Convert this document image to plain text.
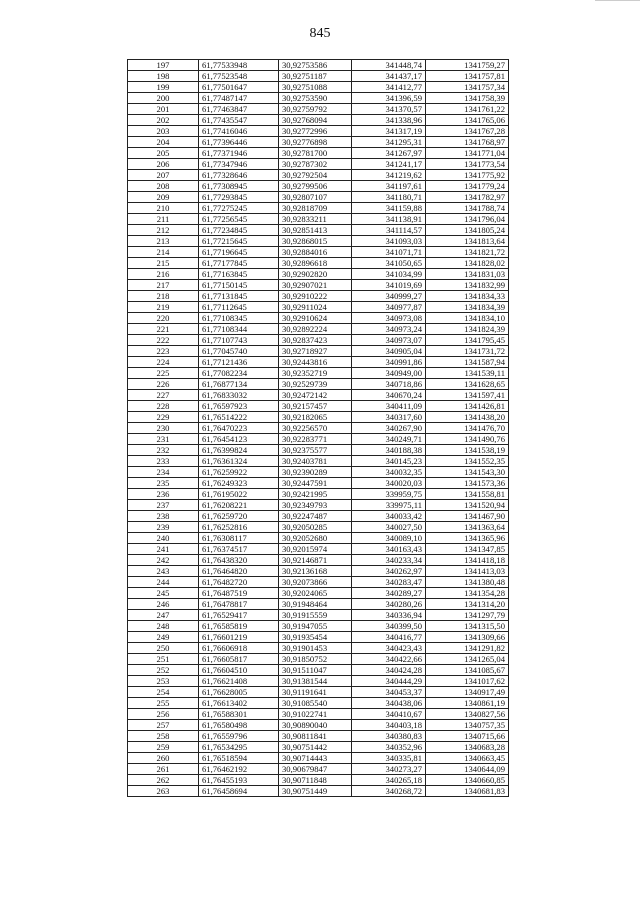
845
197	61,77533948	30,92753586	341448,74	1341759,27
198	61,77523548	30,92751187	341437,17	1341757,81
199	61,77501647	30,92751088	341412,77	1341757,34
200	61,77487147	30,92753590	341396,59	1341758,39
201	61,77463847	30,92759792	341370,57	1341761,22
202	61,77435547	30,92768094	341338,96	1341765,06
203	61,77416046	30,92772996	341317,19	1341767,28
204	61,77396446	30,92776898	341295,31	1341768,97
205	61,77371946	30,92781700	341267,97	1341771,04
206	61,77347946	30,92787302	341241,17	1341773,54
207	61,77328646	30,92792504	341219,62	1341775,92
208	61,77308945	30,92799506	341197,61	1341779,24
209	61,77293845	30,92807107	341180,71	1341782,97
210	61,77275245	30,92818709	341159,88	1341788,74
211	61,77256545	30,92833211	341138,91	1341796,04
212	61,77234845	30,92851413	341114,57	1341805,24
213	61,77215645	30,92868015	341093,03	1341813,64
214	61,77196645	30,92884016	341071,71	1341821,72
215	61,77177845	30,92896618	341050,65	1341828,02
216	61,77163845	30,92902820	341034,99	1341831,03
217	61,77150145	30,92907021	341019,69	1341832,99
218	61,77131845	30,92910222	340999,27	1341834,33
219	61,77112645	30,92911024	340977,87	1341834,39
220	61,77108345	30,92910624	340973,08	1341834,10
221	61,77108344	30,92892224	340973,24	1341824,39
222	61,77107743	30,92837423	340973,07	1341795,45
223	61,77045740	30,92718927	340905,04	1341731,72
224	61,77121436	30,92443816	340991,86	1341587,94
225	61,77082234	30,92352719	340949,00	1341539,11
226	61,76877134	30,92529739	340718,86	1341628,65
227	61,76833032	30,92472142	340670,24	1341597,41
228	61,76597923	30,92157457	340411,09	1341426,81
229	61,76514222	30,92182065	340317,60	1341438,20
230	61,76470223	30,92256570	340267,90	1341476,70
231	61,76454123	30,92283771	340249,71	1341490,76
232	61,76399824	30,92375577	340188,38	1341538,19
233	61,76361324	30,92403781	340145,23	1341552,35
234	61,76259922	30,92390289	340032,35	1341543,30
235	61,76249323	30,92447591	340020,03	1341573,36
236	61,76195022	30,92421995	339959,75	1341558,81
237	61,76208221	30,92349793	339975,11	1341520,94
238	61,76259720	30,92247487	340033,42	1341467,90
239	61,76252816	30,92050285	340027,50	1341363,64
240	61,76308117	30,92052680	340089,10	1341365,96
241	61,76374517	30,92015974	340163,43	1341347,85
242	61,76438320	30,92146871	340233,34	1341418,18
243	61,76464820	30,92136168	340262,97	1341413,03
244	61,76482720	30,92073866	340283,47	1341380,48
245	61,76487519	30,92024065	340289,27	1341354,28
246	61,76478817	30,91948464	340280,26	1341314,20
247	61,76529417	30,91915559	340336,94	1341297,79
248	61,76585819	30,91947055	340399,50	1341315,50
249	61,76601219	30,91935454	340416,77	1341309,66
250	61,76606918	30,91901453	340423,43	1341291,82
251	61,76605817	30,91850752	340422,66	1341265,04
252	61,76604510	30,91511047	340424,28	1341085,67
253	61,76621408	30,91381544	340444,29	1341017,62
254	61,76628005	30,91191641	340453,37	1340917,49
255	61,76613402	30,91085540	340438,06	1340861,19
256	61,76588301	30,91022741	340410,67	1340827,56
257	61,76580498	30,90890040	340403,18	1340757,35
258	61,76559796	30,90811841	340380,83	1340715,66
259	61,76534295	30,90751442	340352,96	1340683,28
260	61,76518594	30,90714443	340335,81	1340663,45
261	61,76462192	30,90679847	340273,27	1340644,09
262	61,76455193	30,90711848	340265,18	1340660,85
263	61,76458694	30,90751449	340268,72	1340681,83
